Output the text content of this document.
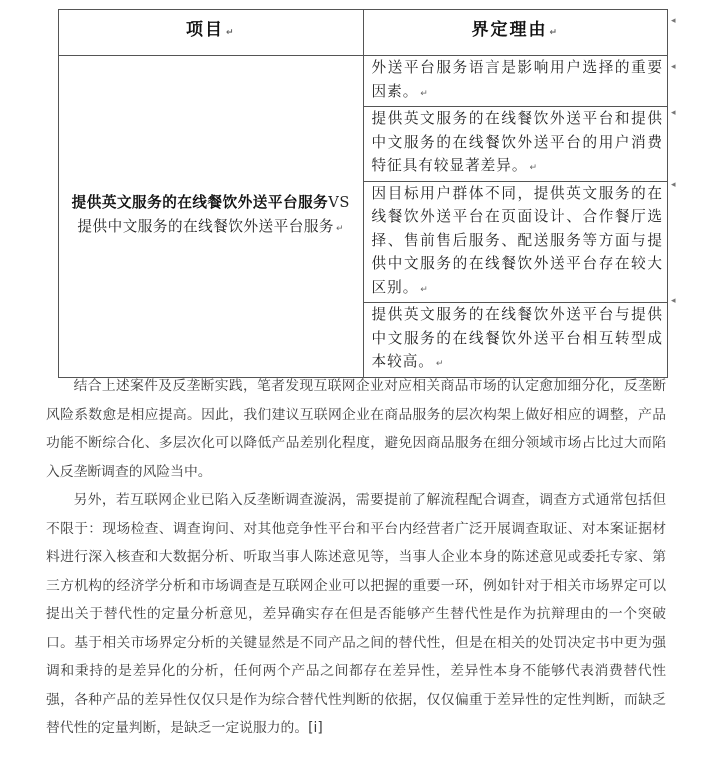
项目 ↵	界定理由 ↵
提供英文服务的在线餐饮外送平台服务VS 提供中文服务的在线餐饮外送平台服务 ↵	外送平台服务语言是影响用户选择的重要因素。 ↵
	提供英文服务的在线餐饮外送平台和提供中文服务的在线餐饮外送平台的用户消费特征具有较显著差异。 ↵
	因目标用户群体不同，提供英文服务的在线餐饮外送平台在页面设计、合作餐厅选择、售前售后服务、配送服务等方面与提供中文服务的在线餐饮外送平台存在较大区别。 ↵
	提供英文服务的在线餐饮外送平台与提供中文服务的在线餐饮外送平台相互转型成本较高。 ↵
◂
◂
◂
◂
◂

结合上述案件及反垄断实践，笔者发现互联网企业对应相关商品市场的认定愈加细分化，反垄断风险系数愈是相应提高。因此，我们建议互联网企业在商品服务的层次构架上做好相应的调整，产品功能不断综合化、多层次化可以降低产品差别化程度，避免因商品服务在细分领域市场占比过大而陷入反垄断调查的风险当中。

另外，若互联网企业已陷入反垄断调查漩涡，需要提前了解流程配合调查，调查方式通常包括但不限于：现场检查、调查询问、对其他竞争性平台和平台内经营者广泛开展调查取证、对本案证据材料进行深入核查和大数据分析、听取当事人陈述意见等，当事人企业本身的陈述意见或委托专家、第三方机构的经济学分析和市场调查是互联网企业可以把握的重要一环，例如针对于相关市场界定可以提出关于替代性的定量分析意见，差异确实存在但是否能够产生替代性是作为抗辩理由的一个突破口。基于相关市场界定分析的关键显然是不同产品之间的替代性，但是在相关的处罚决定书中更为强调和秉持的是差异化的分析，任何两个产品之间都存在差异性，差异性本身不能够代表消费替代性强，各种产品的差异性仅仅只是作为综合替代性判断的依据，仅仅偏重于差异性的定性判断，而缺乏替代性的定量判断，是缺乏一定说服力的。[i]
